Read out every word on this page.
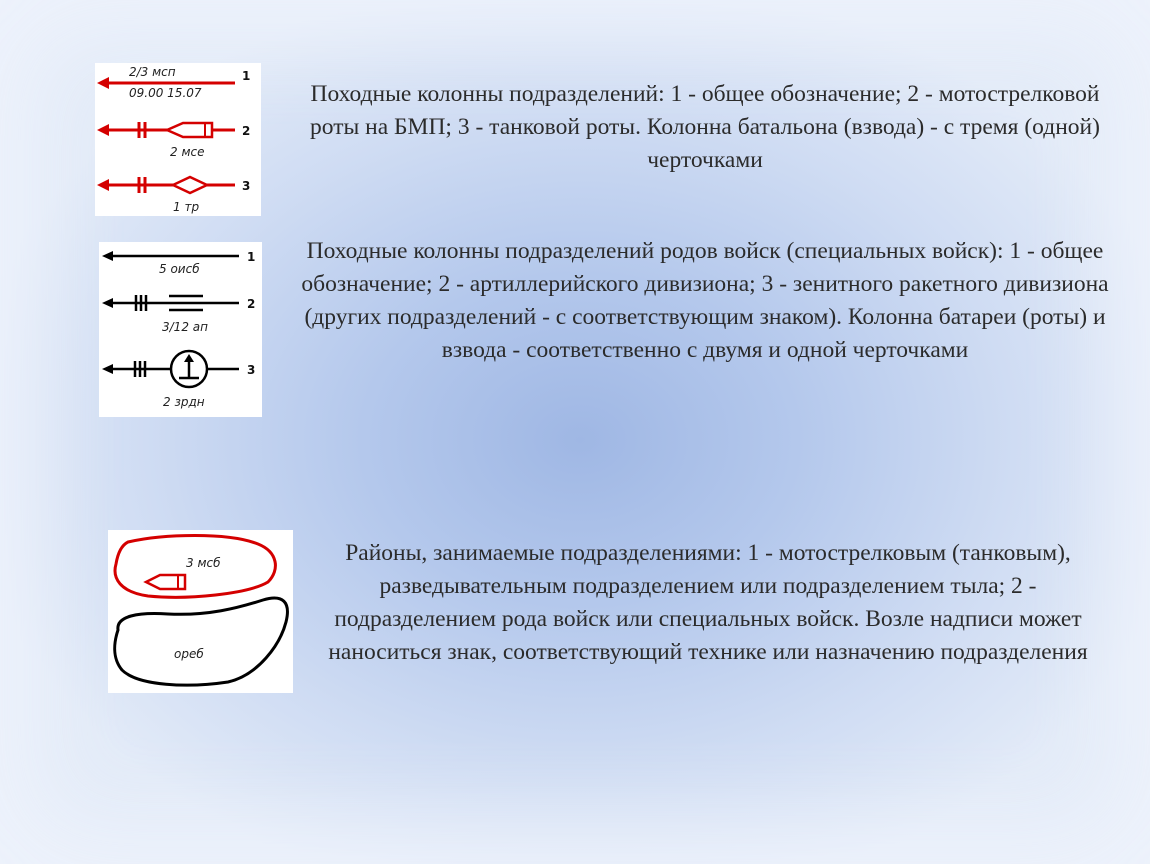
2/3 мсп
09.00 15.07
1
2 мсе
2
1 тр
3
Походные колонны подразделений: 1 - общее обозначение; 2 - мотострелковой роты на БМП; 3 - танковой роты. Колонна батальона (взвода) - с тремя (одной) черточками
5 оисб
1
3/12 ап
2
2 зрдн
3
Походные колонны подразделений родов войск (специальных войск): 1 - общее обозначение; 2 - артиллерийского дивизиона; 3 - зенитного ракетного дивизиона (других подразделений - с соответствующим знаком). Колонна батареи (роты) и взвода - соответственно с двумя и одной черточками
3 мсб
ореб
Районы, занимаемые подразделениями: 1 - мотострелковым (танковым), разведывательным подразделением или подразделением тыла; 2 - подразделением рода войск или специальных войск. Возле надписи может наноситься знак, соответствующий технике или назначению подразделения
